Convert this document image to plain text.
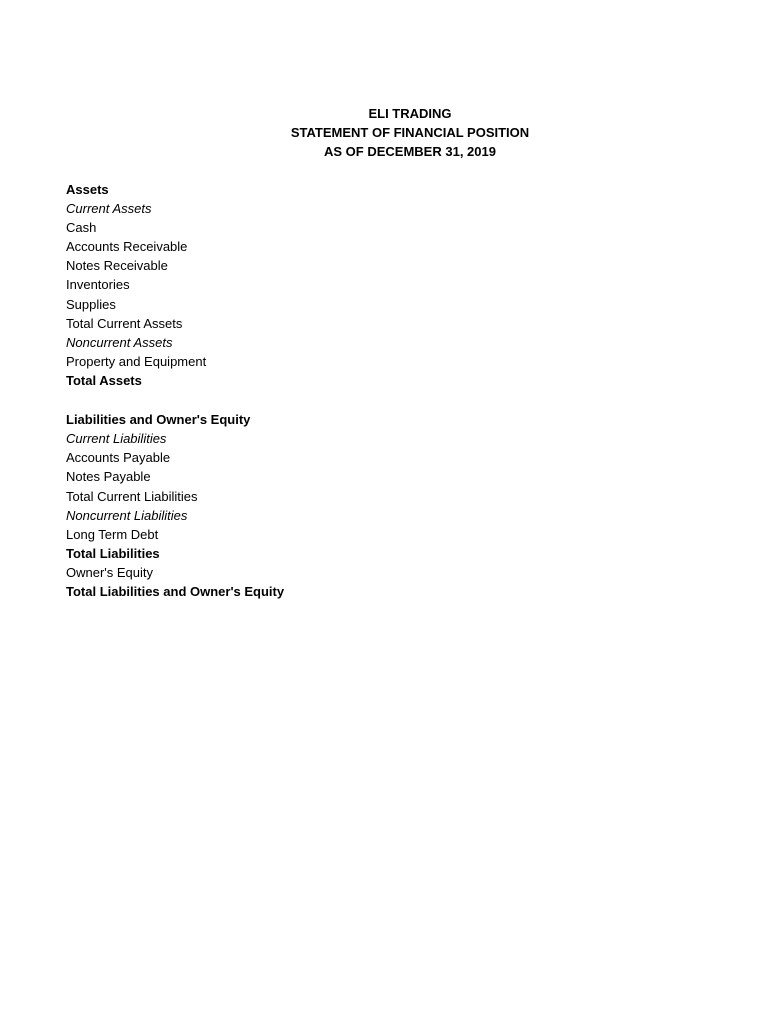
ELI TRADING
STATEMENT OF FINANCIAL POSITION
AS OF DECEMBER 31, 2019
Assets
Current Assets
Cash
Accounts Receivable
Notes Receivable
Inventories
Supplies
Total Current Assets
Noncurrent Assets
Property and Equipment
Total Assets
Liabilities and Owner's Equity
Current Liabilities
Accounts Payable
Notes Payable
Total Current Liabilities
Noncurrent Liabilities
Long Term Debt
Total Liabilities
Owner's Equity
Total Liabilities and Owner's Equity
